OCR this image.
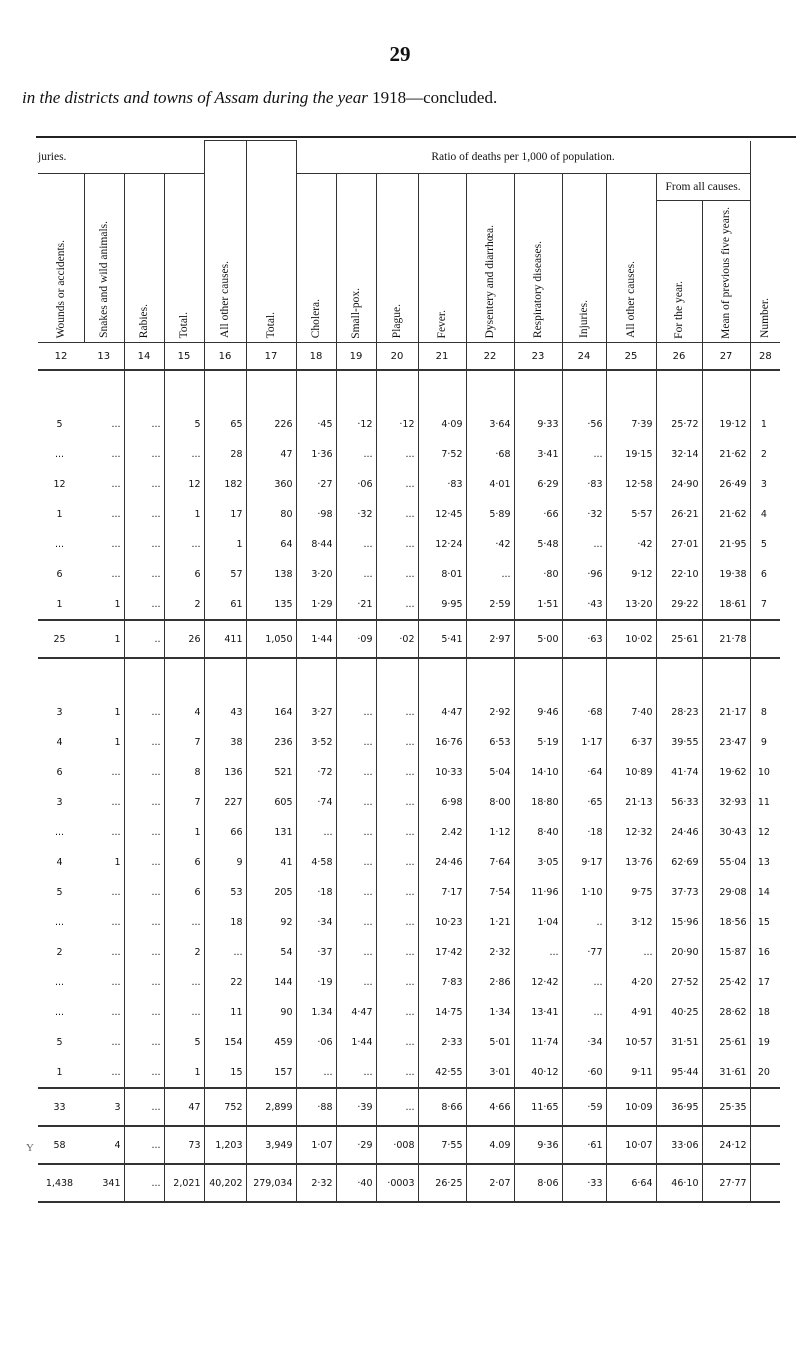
29
in the districts and towns of Assam during the year 1918—concluded.
juries.				All other causes.	Total.	Ratio of deaths per 1,000 of population.										Number.
Wounds or accidents.	Snakes and wild animals.	Rabies.	Total.			Cholera.	Small-pox.	Plague.	Fever.	Dysentery and diarrhœa.	Respiratory diseases.	Injuries.	All other causes.	From all causes.		
														For the year.	Mean of previous five years.	
12	13	14	15	16	17	18	19	20	21	22	23	24	25	26	27	28

5	...	...	5	65	226	·45	·12	·12	4·09	3·64	9·33	·56	7·39	25·72	19·12	1
...	...	...	...	28	47	1·36	...	...	7·52	·68	3·41	...	19·15	32·14	21·62	2
12	...	...	12	182	360	·27	·06	...	·83	4·01	6·29	·83	12·58	24·90	26·49	3
1	...	...	1	17	80	·98	·32	...	12·45	5·89	·66	·32	5·57	26·21	21·62	4
...	...	...	...	1	64	8·44	...	...	12·24	·42	5·48	...	·42	27·01	21·95	5
6	...	...	6	57	138	3·20	...	...	8·01	...	·80	·96	9·12	22·10	19·38	6
1	1	...	2	61	135	1·29	·21	...	9·95	2·59	1·51	·43	13·20	29·22	18·61	7
25	1	..	26	411	1,050	1·44	·09	·02	5·41	2·97	5·00	·63	10·02	25·61	21·78	

3	1	...	4	43	164	3·27	...	...	4·47	2·92	9·46	·68	7·40	28·23	21·17	8
4	1	...	7	38	236	3·52	...	...	16·76	6·53	5·19	1·17	6·37	39·55	23·47	9
6	...	...	8	136	521	·72	...	...	10·33	5·04	14·10	·64	10·89	41·74	19·62	10
3	...	...	7	227	605	·74	...	...	6·98	8·00	18·80	·65	21·13	56·33	32·93	11
...	...	...	1	66	131	...	...	...	2.42	1·12	8·40	·18	12·32	24·46	30·43	12
4	1	...	6	9	41	4·58	...	...	24·46	7·64	3·05	9·17	13·76	62·69	55·04	13
5	...	...	6	53	205	·18	...	...	7·17	7·54	11·96	1·10	9·75	37·73	29·08	14
...	...	...	...	18	92	·34	...	...	10·23	1·21	1·04	..	3·12	15·96	18·56	15
2	...	...	2	...	54	·37	...	...	17·42	2·32	...	·77	...	20·90	15·87	16
...	...	...	...	22	144	·19	...	...	7·83	2·86	12·42	...	4·20	27·52	25·42	17
...	...	...	...	11	90	1.34	4·47	...	14·75	1·34	13·41	...	4·91	40·25	28·62	18
5	...	...	5	154	459	·06	1·44	...	2·33	5·01	11·74	·34	10·57	31·51	25·61	19
1	...	...	1	15	157	...	...	...	42·55	3·01	40·12	·60	9·11	95·44	31·61	20
33	3	...	47	752	2,899	·88	·39	...	8·66	4·66	11·65	·59	10·09	36·95	25·35	
58	4	...	73	1,203	3,949	1·07	·29	·008	7·55	4.09	9·36	·61	10·07	33·06	24·12	
1,438	341	...	2,021	40,202	279,034	2·32	·40	·0003	26·25	2·07	8·06	·33	6·64	46·10	27·77	
Y
